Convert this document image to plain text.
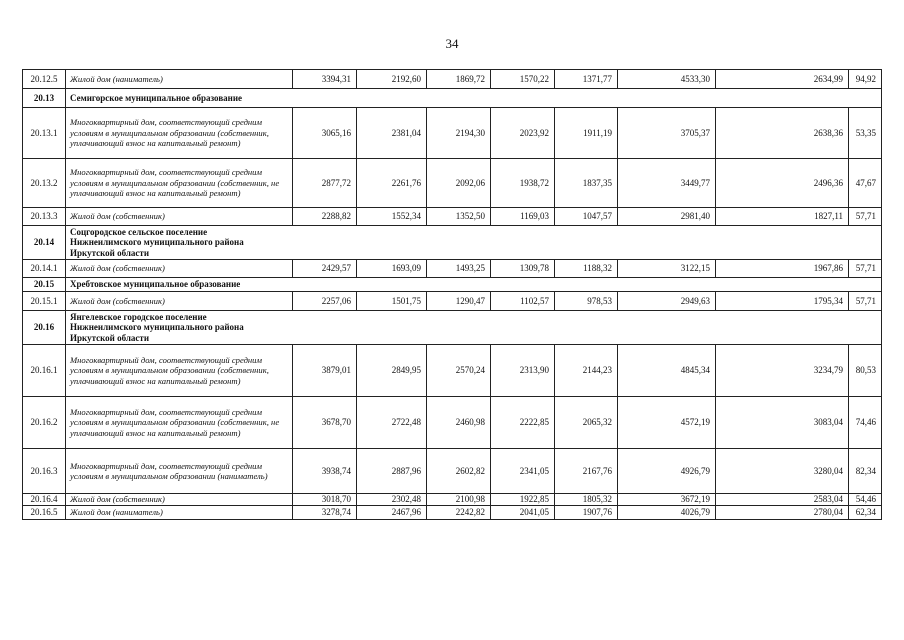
34
20.12.5	Жилой дом (наниматель)	3394,31	2192,60	1869,72	1570,22	1371,77	4533,30	2634,99	94,92
20.13	Семигорское муниципальное образование								

20.13.1	Многоквартирный дом, соответствующий средним условиям в муниципальном образовании (собственник, уплачивающий взнос на капитальный ремонт)	3065,16	2381,04	2194,30	2023,92	1911,19	3705,37	2638,36	53,35
20.13.2	Многоквартирный дом, соответствующий средним условиям в муниципальном образовании (собственник, не уплачивающий взнос на капитальный ремонт)	2877,72	2261,76	2092,06	1938,72	1837,35	3449,77	2496,36	47,67
20.13.3	Жилой дом (собственник)	2288,82	1552,34	1352,50	1169,03	1047,57	2981,40	1827,11	57,71
20.14	Соцгородское сельское поселение Нижнеилимского муниципального района Иркутской области								

20.14.1	Жилой дом (собственник)	2429,57	1693,09	1493,25	1309,78	1188,32	3122,15	1967,86	57,71
20.15	Хребтовское муниципальное образование								

20.15.1	Жилой дом (собственник)	2257,06	1501,75	1290,47	1102,57	978,53	2949,63	1795,34	57,71
20.16	Янгелевское городское поселение Нижнеилимского муниципального района Иркутской области								

20.16.1	Многоквартирный дом, соответствующий средним условиям в муниципальном образовании (собственник, уплачивающий взнос на капитальный ремонт)	3879,01	2849,95	2570,24	2313,90	2144,23	4845,34	3234,79	80,53
20.16.2	Многоквартирный дом, соответствующий средним условиям в муниципальном образовании (собственник, не уплачивающий взнос на капитальный ремонт)	3678,70	2722,48	2460,98	2222,85	2065,32	4572,19	3083,04	74,46
20.16.3	Многоквартирный дом, соответствующий средним условиям в муниципальном образовании (наниматель)	3938,74	2887,96	2602,82	2341,05	2167,76	4926,79	3280,04	82,34
20.16.4	Жилой дом (собственник)	3018,70	2302,48	2100,98	1922,85	1805,32	3672,19	2583,04	54,46
20.16.5	Жилой дом (наниматель)	3278,74	2467,96	2242,82	2041,05	1907,76	4026,79	2780,04	62,34
